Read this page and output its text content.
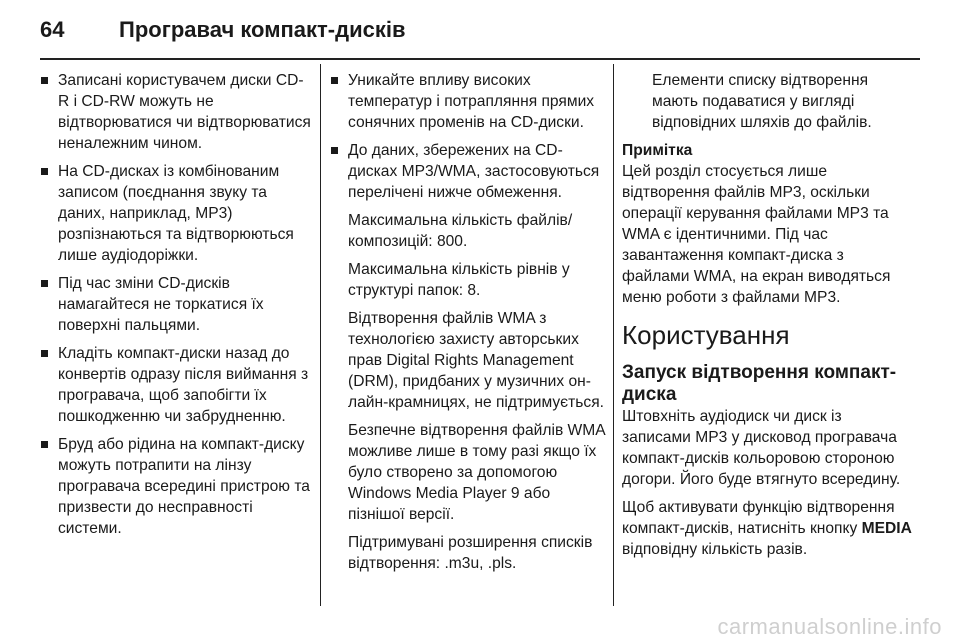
64	Програвач компакт-дисків
Записані користувачем диски CD-R і CD-RW можуть не відтворюватися чи відтворюватися неналежним чином.
На CD-дисках із комбінованим записом (поєднання звуку та даних, наприклад, MP3) розпізнаються та відтворюються лише аудіодоріжки.
Під час зміни CD-дисків намагайтеся не торкатися їх поверхні пальцями.
Кладіть компакт-диски назад до конвертів одразу після виймання з програвача, щоб запобігти їх пошкодженню чи забрудненню.
Бруд або рідина на компакт-диску можуть потрапити на лінзу програвача всередині пристрою та призвести до несправності системи.
Уникайте впливу високих температур і потрапляння прямих сонячних променів на CD-диски.
До даних, збережених на CD-дисках MP3/WMA, застосовуються перелічені нижче обмеження.

Максимальна кількість файлів/ композицій: 800.

Максимальна кількість рівнів у структурі папок: 8.

Відтворення файлів WMA з технологією захисту авторських прав Digital Rights Management (DRM), придбаних у музичних он-лайн-крамницях, не підтримується.

Безпечне відтворення файлів WMA можливе лише в тому разі якщо їх було створено за допомогою Windows Media Player 9 або пізнішої версії.

Підтримувані розширення списків відтворення: .m3u, .pls.

Елементи списку відтворення мають подаватися у вигляді відповідних шляхів до файлів.

Примітка

Цей розділ стосується лише відтворення файлів MP3, оскільки операції керування файлами MP3 та WMA є ідентичними. Під час завантаження компакт-диска з файлами WMA, на екран виводяться меню роботи з файлами MP3.

Користування
Запуск відтворення компакт-диска

Штовхніть аудіодиск чи диск із записами MP3 у дисковод програвача компакт-дисків кольоровою стороною догори. Його буде втягнуто всередину.

Щоб активувати функцію відтворення компакт-дисків, натисніть кнопку MEDIA відповідну кількість разів.

carmanualsonline.info
